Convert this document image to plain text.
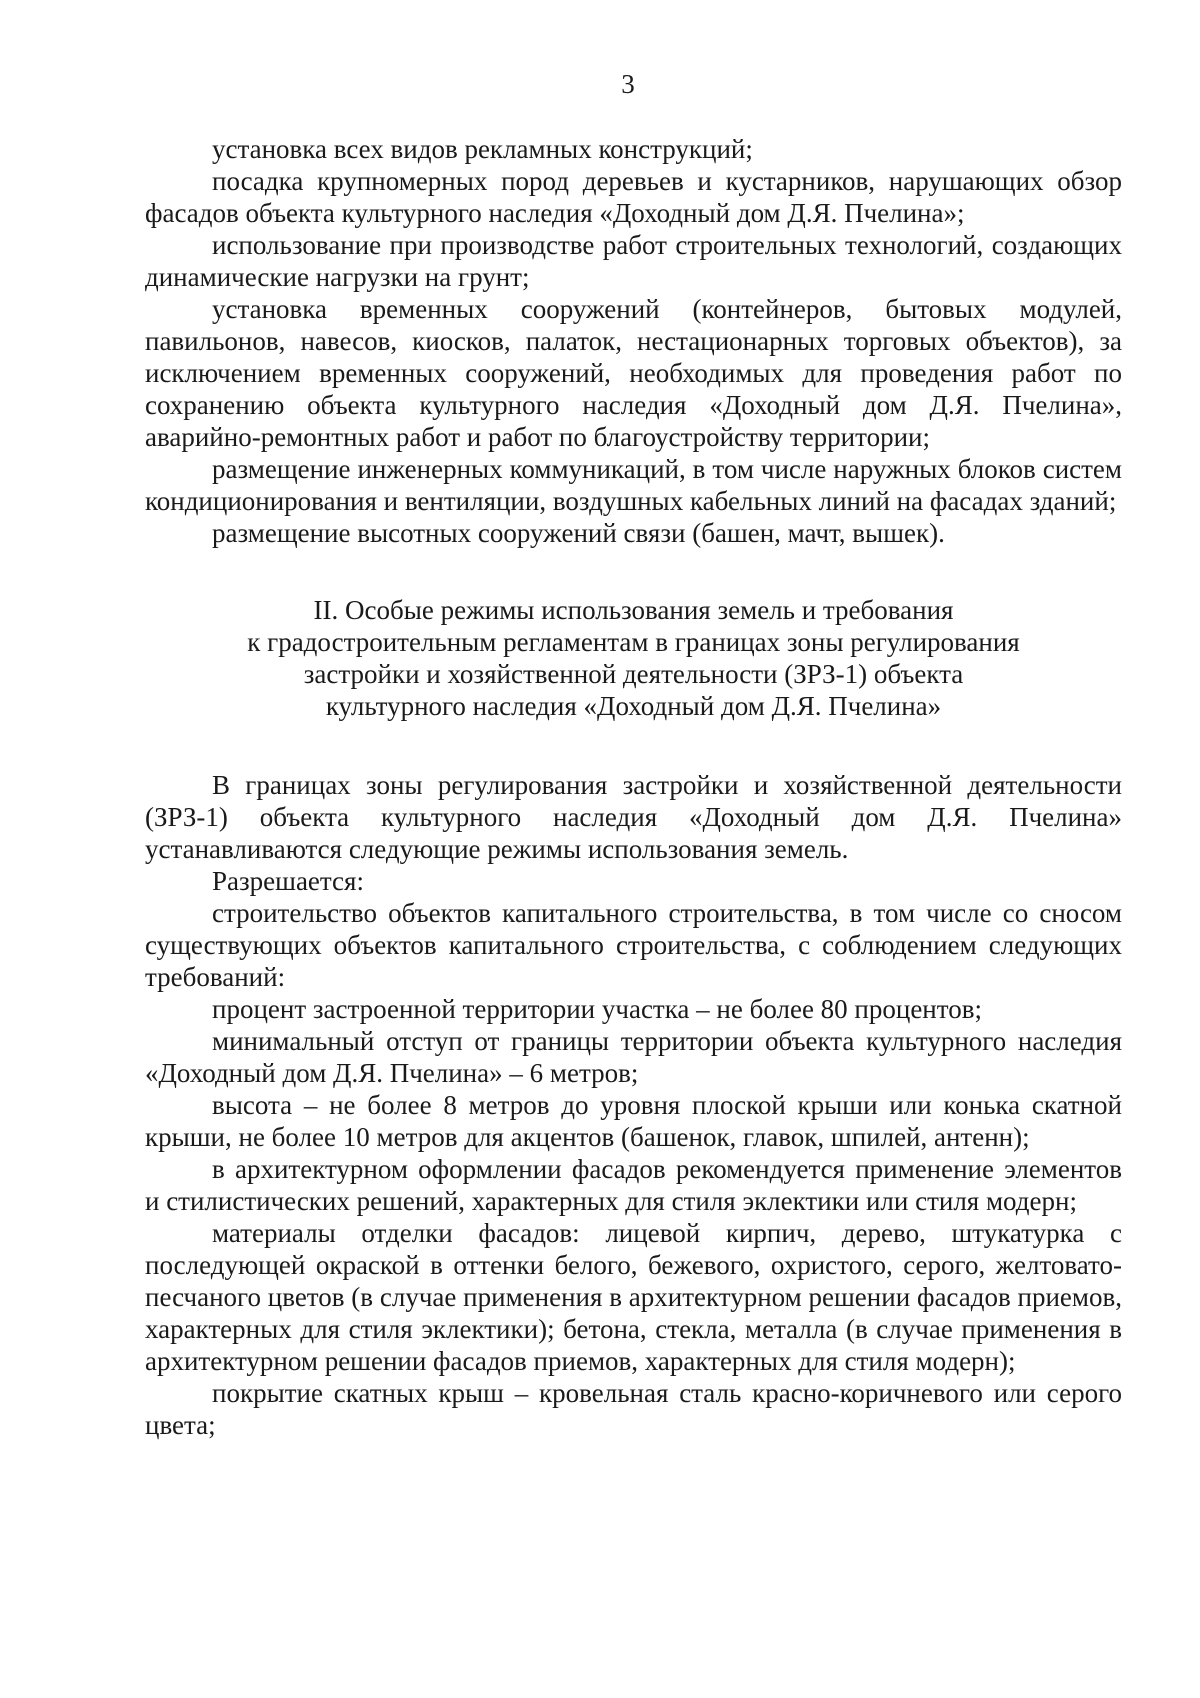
3

установка всех видов рекламных конструкций;

посадка крупномерных пород деревьев и кустарников, нарушающих обзор фасадов объекта культурного наследия «Доходный дом Д.Я. Пчелина»;

использование при производстве работ строительных технологий, создающих динамические нагрузки на грунт;

установка временных сооружений (контейнеров, бытовых модулей, павильонов, навесов, киосков, палаток, нестационарных торговых объектов), за исключением временных сооружений, необходимых для проведения работ по сохранению объекта культурного наследия «Доходный дом Д.Я. Пчелина», аварийно-ремонтных работ и работ по благоустройству территории;

размещение инженерных коммуникаций, в том числе наружных блоков систем кондиционирования и вентиляции, воздушных кабельных линий на фасадах зданий;

размещение высотных сооружений связи (башен, мачт, вышек).

II. Особые режимы использования земель и требования
к градостроительным регламентам в границах зоны регулирования
застройки и хозяйственной деятельности (ЗРЗ-1) объекта
культурного наследия «Доходный дом Д.Я. Пчелина»

В границах зоны регулирования застройки и хозяйственной деятельности (ЗРЗ-1) объекта культурного наследия «Доходный дом Д.Я. Пчелина» устанавливаются следующие режимы использования земель.

Разрешается:

строительство объектов капитального строительства, в том числе со сносом существующих объектов капитального строительства, с соблюдением следующих требований:

процент застроенной территории участка – не более 80 процентов;

минимальный отступ от границы территории объекта культурного наследия «Доходный дом Д.Я. Пчелина» – 6 метров;

высота – не более 8 метров до уровня плоской крыши или конька скатной крыши, не более 10 метров для акцентов (башенок, главок, шпилей, антенн);

в архитектурном оформлении фасадов рекомендуется применение элементов и стилистических решений, характерных для стиля эклектики или стиля модерн;

материалы отделки фасадов: лицевой кирпич, дерево, штукатурка с последующей окраской в оттенки белого, бежевого, охристого, серого, желтовато-песчаного цветов (в случае применения в архитектурном решении фасадов приемов, характерных для стиля эклектики); бетона, стекла, металла (в случае применения в архитектурном решении фасадов приемов, характерных для стиля модерн);

покрытие скатных крыш – кровельная сталь красно-коричневого или серого цвета;
